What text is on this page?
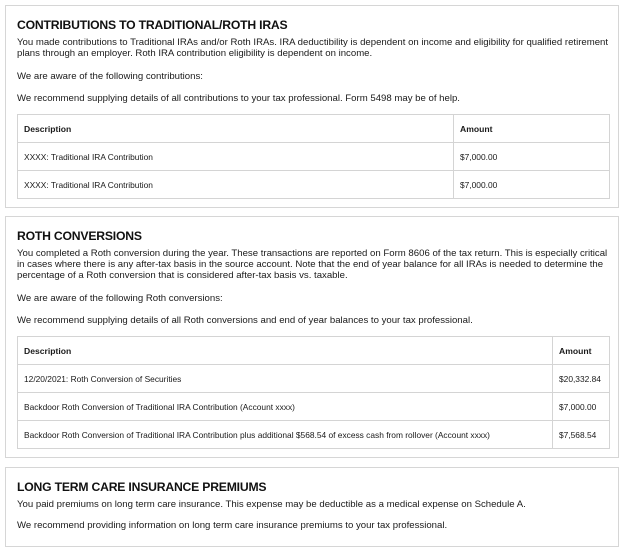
CONTRIBUTIONS TO TRADITIONAL/ROTH IRAS

You made contributions to Traditional IRAs and/or Roth IRAs. IRA deductibility is dependent on income and eligibility for qualified retirement plans through an employer. Roth IRA contribution eligibility is dependent on income.

We are aware of the following contributions:
We recommend supplying details of all contributions to your tax professional. Form 5498 may be of help.
Description	Amount
XXXX: Traditional IRA Contribution	$7,000.00
XXXX: Traditional IRA Contribution	$7,000.00
ROTH CONVERSIONS

You completed a Roth conversion during the year. These transactions are reported on Form 8606 of the tax return. This is especially critical in cases where there is any after-tax basis in the source account. Note that the end of year balance for all IRAs is needed to determine the percentage of a Roth conversion that is considered after-tax basis vs. taxable.

We are aware of the following Roth conversions:
We recommend supplying details of all Roth conversions and end of year balances to your tax professional.
Description	Amount
12/20/2021: Roth Conversion of Securities	$20,332.84
Backdoor Roth Conversion of Traditional IRA Contribution (Account xxxx)	$7,000.00
Backdoor Roth Conversion of Traditional IRA Contribution plus additional $568.54 of excess cash from rollover (Account xxxx)	$7,568.54
LONG TERM CARE INSURANCE PREMIUMS
You paid premiums on long term care insurance. This expense may be deductible as a medical expense on Schedule A.
We recommend providing information on long term care insurance premiums to your tax professional.
